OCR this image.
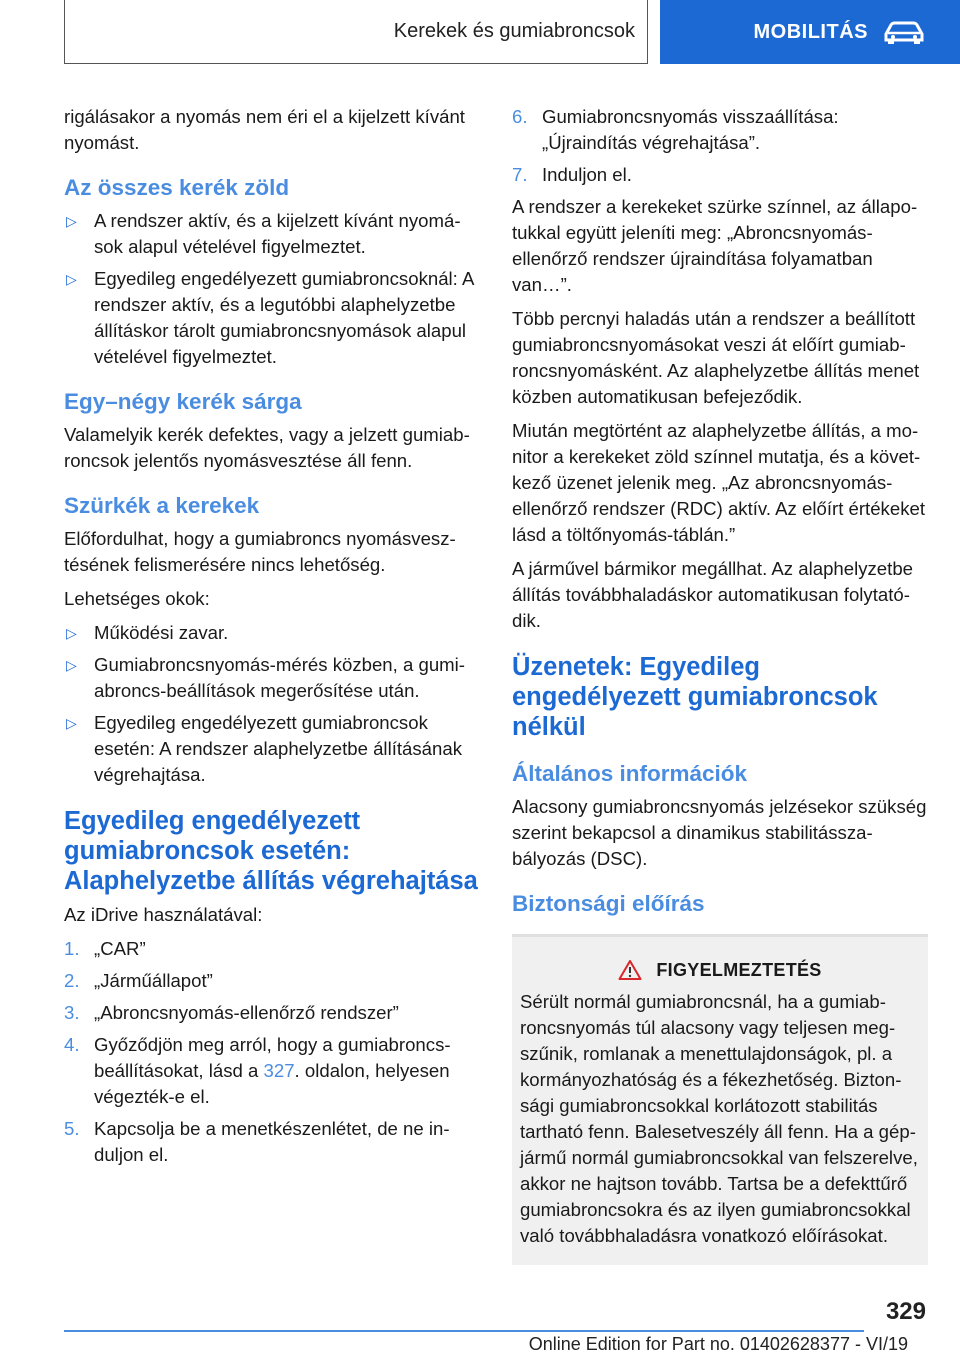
Kerekek és gumiabroncsok	MOBILITÁS

rigálásakor a nyomás nem éri el a kijelzett kívánt nyomást.

Az összes kerék zöld
▷ A rendszer aktív, és a kijelzett kívánt nyomások alapul vételével figyelmeztet.
▷ Egyedileg engedélyezett gumiabroncsoknál: A rendszer aktív, és a legutóbbi alaphelyzetbe állításkor tárolt gumiabroncsnyomások alapul vételével figyelmeztet.
Egy–négy kerék sárga

Valamelyik kerék defektes, vagy a jelzett gumiabroncsok jelentős nyomásvesztése áll fenn.

Szürkék a kerekek

Előfordulhat, hogy a gumiabroncs nyomásvesztésének felismerésére nincs lehetőség.

Lehetséges okok:

▷ Működési zavar.
▷ Gumiabroncsnyomás-mérés közben, a gumiabroncs-beállítások megerősítése után.
▷ Egyedileg engedélyezett gumiabroncsok esetén: A rendszer alaphelyzetbe állításának végrehajtása.
Egyedileg engedélyezett gumiabroncsok esetén: Alaphelyzetbe állítás végrehajtása

Az iDrive használatával:

1. „CAR”
2. „Járműállapot”
3. „Abroncsnyomás-ellenőrző rendszer”
4. Győződjön meg arról, hogy a gumiabroncs-beállításokat, lásd a 327. oldalon, helyesen végezték-e el.
5. Kapcsolja be a menetkészenlétet, de ne induljon el.
6. Gumiabroncsnyomás visszaállítása: „Újraindítás végrehajtása”.
7. Induljon el.

A rendszer a kerekeket szürke színnel, az állapotukkal együtt jeleníti meg: „Abroncsnyomás-ellenőrző rendszer újraindítása folyamatban van…”.

Több percnyi haladás után a rendszer a beállított gumiabroncsnyomásokat veszi át előírt gumiabroncsnyomásként. Az alaphelyzetbe állítás menet közben automatikusan befejeződik.

Miután megtörtént az alaphelyzetbe állítás, a monitor a kerekeket zöld színnel mutatja, és a következő üzenet jelenik meg. „Az abroncsnyomás-ellenőrző rendszer (RDC) aktív. Az előírt értékeket lásd a töltőnyomás-táblán.”

A járművel bármikor megállhat. Az alaphelyzetbe állítás továbbhaladáskor automatikusan folytatódik.

Üzenetek: Egyedileg engedélyezett gumiabroncsok nélkül
Általános információk

Alacsony gumiabroncsnyomás jelzésekor szükség szerint bekapcsol a dinamikus stabilitásszabályozás (DSC).

Biztonsági előírás
FIGYELMEZTETÉS
Sérült normál gumiabroncsnál, ha a gumiabroncsnyomás túl alacsony vagy teljesen megszűnik, romlanak a menettulajdonságok, pl. a kormányozhatóság és a fékezhetőség. Biztonsági gumiabroncsokkal korlátozott stabilitás tartható fenn. Balesetveszély áll fenn. Ha a gépjármű normál gumiabroncsokkal van felszerelve, akkor ne hajtson tovább. Tartsa be a defekttűrő gumiabroncsokra és az ilyen gumiabroncsokkal való továbbhaladásra vonatkozó előírásokat.
329
Online Edition for Part no. 01402628377 - VI/19
